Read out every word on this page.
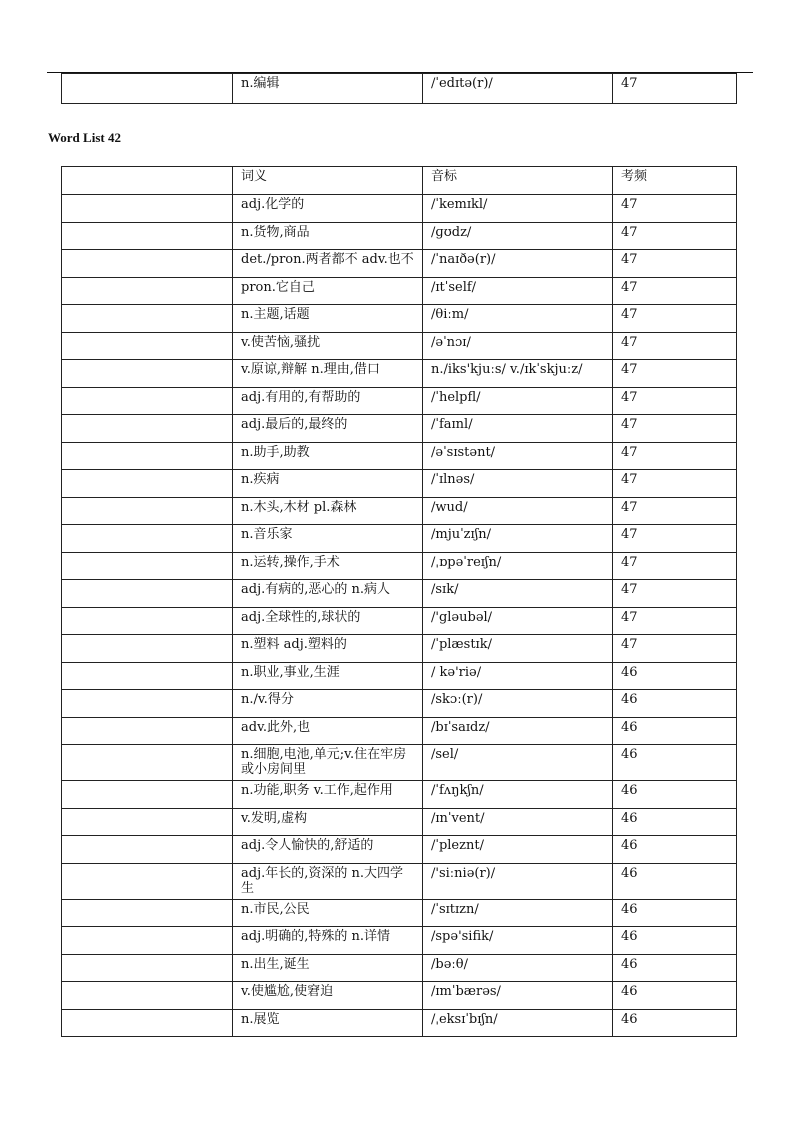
	n.编辑	/ˈedɪtə(r)/	47
Word List 42
	词义	音标	考频
	adj.化学的	/ˈkemɪkl/	47
	n.货物,商品	/ɡʊdz/	47
	det./pron.两者都不 adv.也不	/ˈnaɪðə(r)/	47
	pron.它自己	/ɪtˈself/	47
	n.主题,话题	/θiːm/	47
	v.使苦恼,骚扰	/əˈnɔɪ/	47
	v.原谅,辩解 n.理由,借口	n./iks'kjuːs/ v./ɪkˈskjuːz/	47
	adj.有用的,有帮助的	/ˈhelpfl/	47
	adj.最后的,最终的	/ˈfaɪnl/	47
	n.助手,助教	/əˈsɪstənt/	47
	n.疾病	/ˈɪlnəs/	47
	n.木头,木材 pl.森林	/wud/	47
	n.音乐家	/mjuˈzɪʃn/	47
	n.运转,操作,手术	/ˌɒpəˈreɪʃn/	47
	adj.有病的,恶心的 n.病人	/sɪk/	47
	adj.全球性的,球状的	/'gləubəl/	47
	n.塑料 adj.塑料的	/ˈplæstɪk/	47
	n.职业,事业,生涯	/ kə'riə/	46
	n./v.得分	/skɔː(r)/	46
	adv.此外,也	/bɪˈsaɪdz/	46
	n.细胞,电池,单元;v.住在牢房或小房间里	/sel/	46
	n.功能,职务 v.工作,起作用	/ˈfʌŋkʃn/	46
	v.发明,虚构	/ɪnˈvent/	46
	adj.令人愉快的,舒适的	/ˈpleznt/	46
	adj.年长的,资深的 n.大四学生	/'siːniə(r)/	46
	n.市民,公民	/ˈsɪtɪzn/	46
	adj.明确的,特殊的 n.详情	/spə'sifik/	46
	n.出生,诞生	/bəːθ/	46
	v.使尴尬,使窘迫	/ɪmˈbærəs/	46
	n.展览	/ˌeksɪˈbɪʃn/	46
